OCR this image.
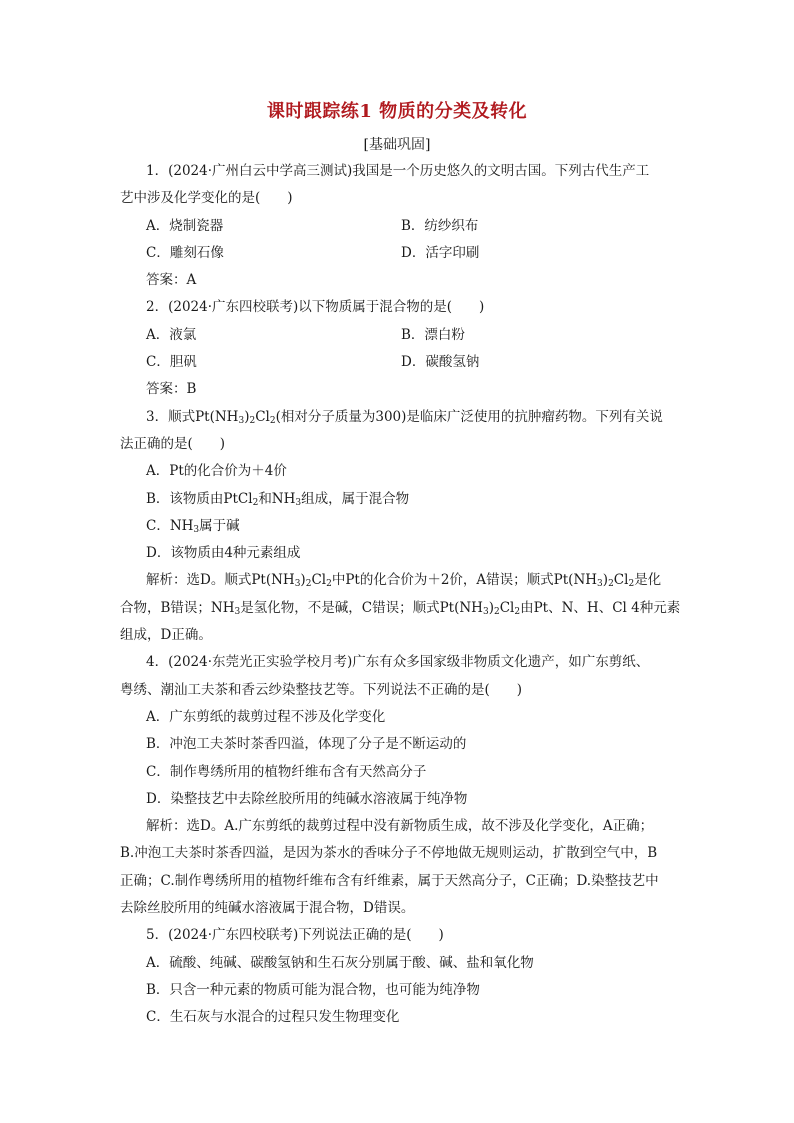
课时跟踪练1 物质的分类及转化
[基础巩固]
1．(2024·广州白云中学高三测试)我国是一个历史悠久的文明古国。下列古代生产工
艺中涉及化学变化的是(　　)
A．烧制瓷器	B．纺纱织布
C．雕刻石像	D．活字印刷
答案：A
2．(2024·广东四校联考)以下物质属于混合物的是(　　)
A．液氯	B．漂白粉
C．胆矾	D．碳酸氢钠
答案：B
3．顺式$Pt(NH_3)_2Cl_2$(相对分子质量为300)是临床广泛使用的抗肿瘤药物。下列有关说
法正确的是(　　)
A．Pt的化合价为＋4价
B．该物质由PtCl$_2$和$NH_3$组成，属于混合物
C．$NH_3$属于碱
D．该物质由4种元素组成
解析：选D。顺式$Pt(NH_3)_2Cl_2$中Pt的化合价为＋2价，A错误；顺式$Pt(NH_3)_2Cl_2$是化
合物，B错误；$NH_3$是氢化物，不是碱，C错误；顺式$Pt(NH_3)_2Cl_2$由Pt、N、H、Cl 4种元素
组成，D正确。
4．(2024·东莞光正实验学校月考)广东有众多国家级非物质文化遗产，如广东剪纸、
粤绣、潮汕工夫茶和香云纱染整技艺等。下列说法不正确的是(　　)
A．广东剪纸的裁剪过程不涉及化学变化
B．冲泡工夫茶时茶香四溢，体现了分子是不断运动的
C．制作粤绣所用的植物纤维布含有天然高分子
D．染整技艺中去除丝胶所用的纯碱水溶液属于纯净物
解析：选D。A.广东剪纸的裁剪过程中没有新物质生成，故不涉及化学变化，A正确；
B.冲泡工夫茶时茶香四溢，是因为茶水的香味分子不停地做无规则运动，扩散到空气中，B
正确；C.制作粤绣所用的植物纤维布含有纤维素，属于天然高分子，C正确；D.染整技艺中
去除丝胶所用的纯碱水溶液属于混合物，D错误。
5．(2024·广东四校联考)下列说法正确的是(　　)
A．硫酸、纯碱、碳酸氢钠和生石灰分别属于酸、碱、盐和氧化物
B．只含一种元素的物质可能为混合物，也可能为纯净物
C．生石灰与水混合的过程只发生物理变化
